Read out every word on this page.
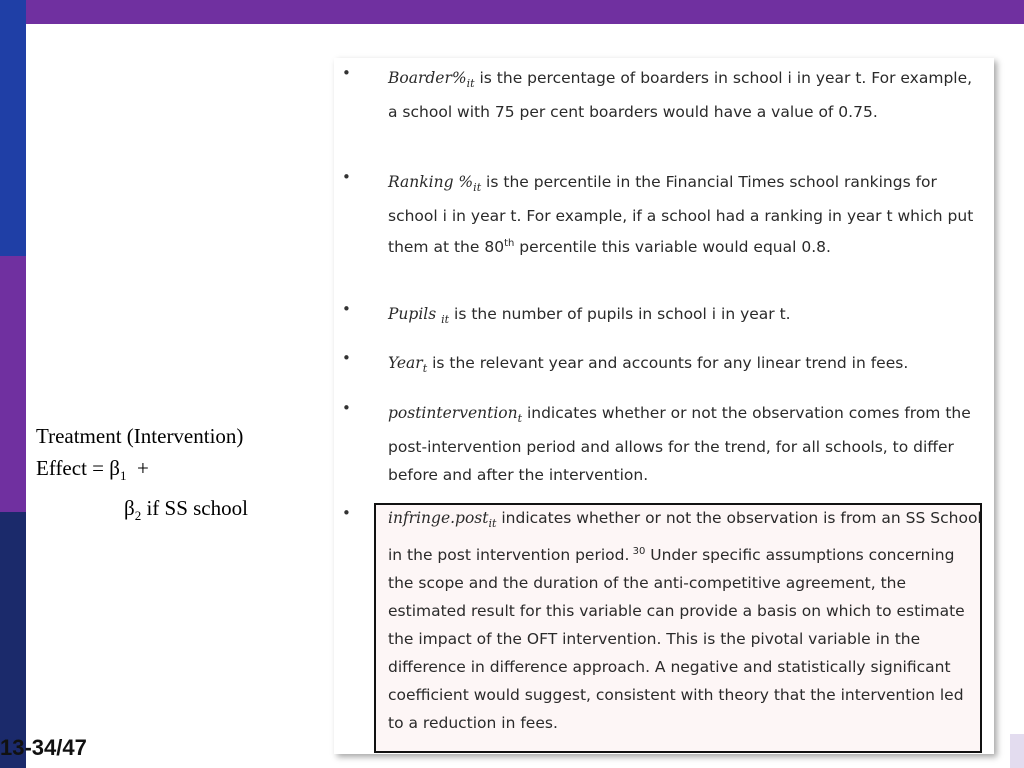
Treatment (Intervention)
Effect = $\beta_1$  +
$\beta_2$ if SS school
• $Boarder\%_{it}$ is the percentage of boarders in school i in year t. For example, a school with 75 per cent boarders would have a value of 0.75.
• Ranking $\%_{it}$ is the percentile in the Financial Times school rankings for school i in year t. For example, if a school had a ranking in year t which put them at the 80th percentile this variable would equal 0.8.
• Pupils $_{it}$ is the number of pupils in school i in year t.
• Year$_t$ is the relevant year and accounts for any linear trend in fees.
• postintervention$_t$ indicates whether or not the observation comes from the post-intervention period and allows for the trend, for all schools, to differ before and after the intervention.
• infringe.post$_{it}$ indicates whether or not the observation is from an SS School in the post intervention period. $^{30}$ Under specific assumptions concerning the scope and the duration of the anti-competitive agreement, the estimated result for this variable can provide a basis on which to estimate the impact of the OFT intervention. This is the pivotal variable in the difference in difference approach. A negative and statistically significant coefficient would suggest, consistent with theory that the intervention led to a reduction in fees.
13-34/47
